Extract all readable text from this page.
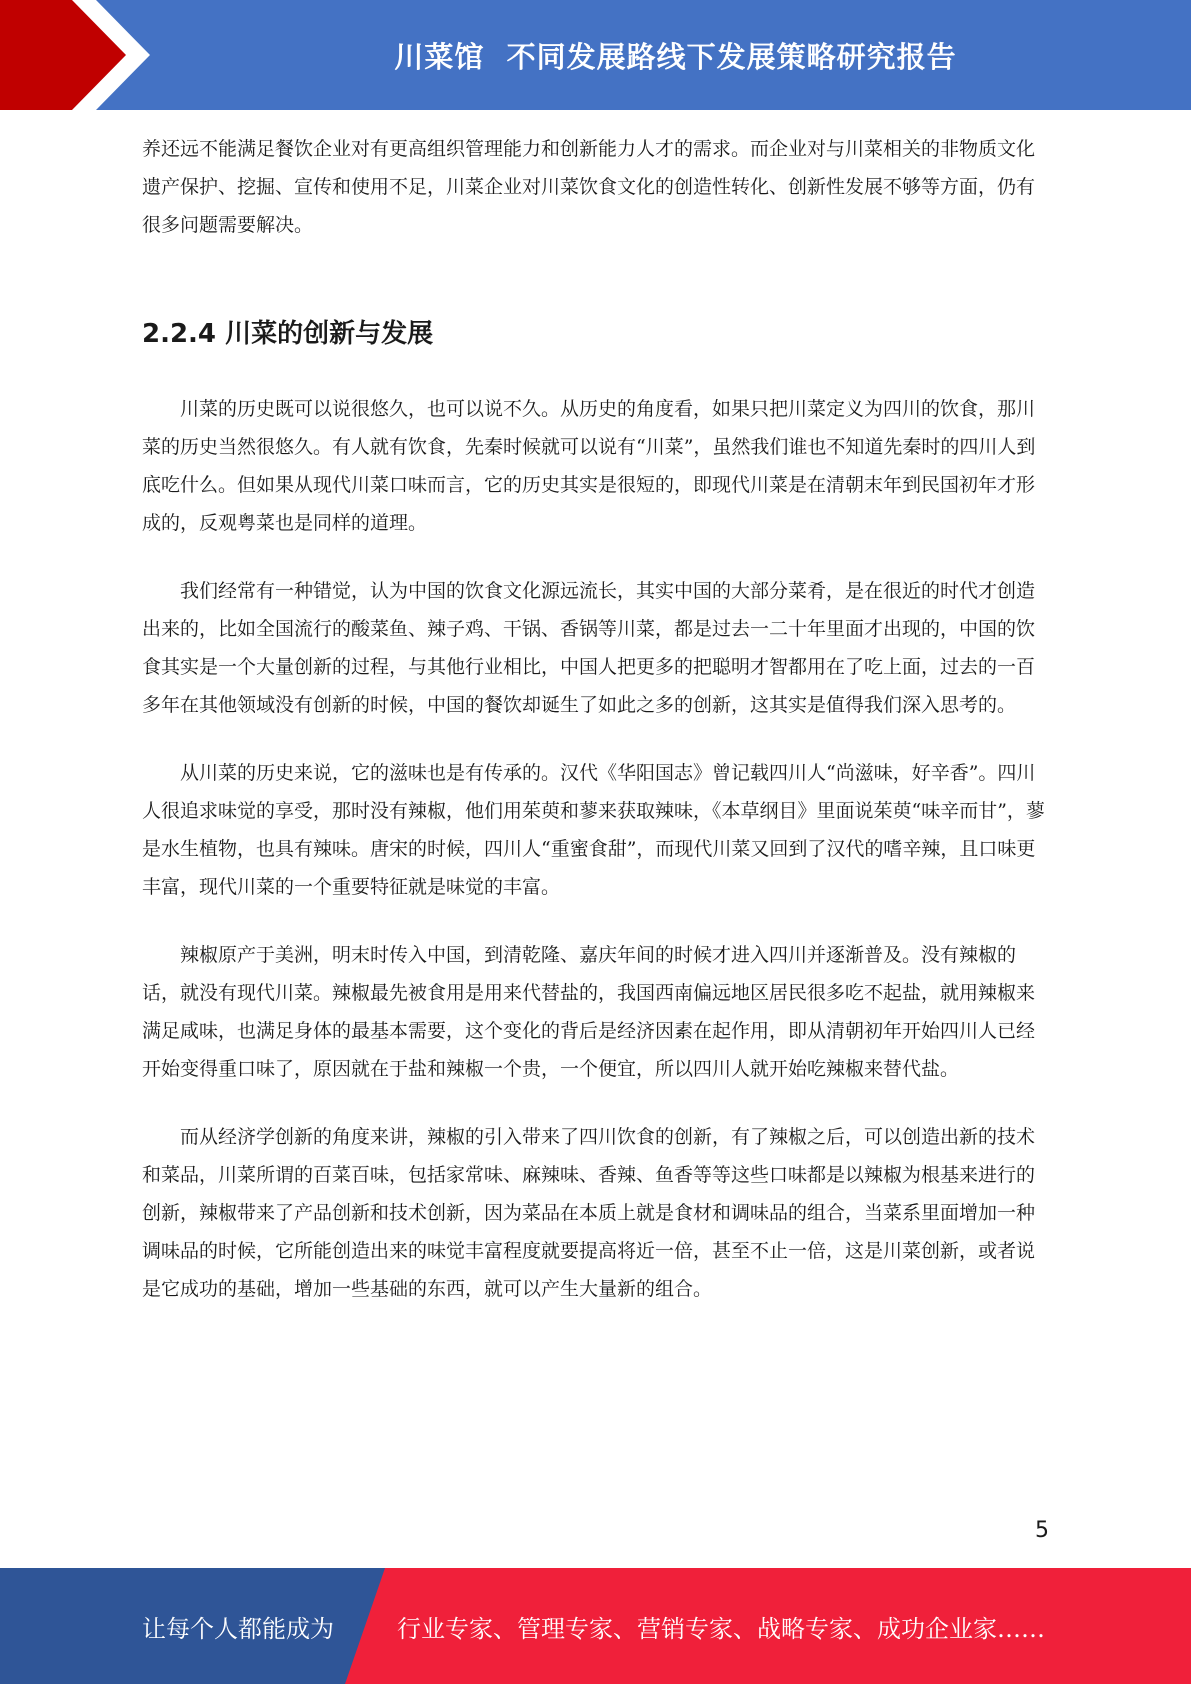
川菜馆  不同发展路线下发展策略研究报告

养还远不能满足餐饮企业对有更高组织管理能力和创新能力人才的需求。而企业对与川菜相关的非物质文化遗产保护、挖掘、宣传和使用不足，川菜企业对川菜饮食文化的创造性转化、创新性发展不够等方面，仍有很多问题需要解决。

2.2.4 川菜的创新与发展

川菜的历史既可以说很悠久，也可以说不久。从历史的角度看，如果只把川菜定义为四川的饮食，那川菜的历史当然很悠久。有人就有饮食，先秦时候就可以说有“川菜”，虽然我们谁也不知道先秦时的四川人到底吃什么。但如果从现代川菜口味而言，它的历史其实是很短的，即现代川菜是在清朝末年到民国初年才形成的，反观粤菜也是同样的道理。

我们经常有一种错觉，认为中国的饮食文化源远流长，其实中国的大部分菜肴，是在很近的时代才创造出来的，比如全国流行的酸菜鱼、辣子鸡、干锅、香锅等川菜，都是过去一二十年里面才出现的，中国的饮食其实是一个大量创新的过程，与其他行业相比，中国人把更多的把聪明才智都用在了吃上面，过去的一百多年在其他领域没有创新的时候，中国的餐饮却诞生了如此之多的创新，这其实是值得我们深入思考的。

从川菜的历史来说，它的滋味也是有传承的。汉代《华阳国志》曾记载四川人“尚滋味，好辛香”。四川人很追求味觉的享受，那时没有辣椒，他们用茱萸和蓼来获取辣味，《本草纲目》里面说茱萸“味辛而甘”，蓼是水生植物，也具有辣味。唐宋的时候，四川人“重蜜食甜”，而现代川菜又回到了汉代的嗜辛辣，且口味更丰富，现代川菜的一个重要特征就是味觉的丰富。

辣椒原产于美洲，明末时传入中国，到清乾隆、嘉庆年间的时候才进入四川并逐渐普及。没有辣椒的话，就没有现代川菜。辣椒最先被食用是用来代替盐的，我国西南偏远地区居民很多吃不起盐，就用辣椒来满足咸味，也满足身体的最基本需要，这个变化的背后是经济因素在起作用，即从清朝初年开始四川人已经开始变得重口味了，原因就在于盐和辣椒一个贵，一个便宜，所以四川人就开始吃辣椒来替代盐。

而从经济学创新的角度来讲，辣椒的引入带来了四川饮食的创新，有了辣椒之后，可以创造出新的技术和菜品，川菜所谓的百菜百味，包括家常味、麻辣味、香辣、鱼香等等这些口味都是以辣椒为根基来进行的创新，辣椒带来了产品创新和技术创新，因为菜品在本质上就是食材和调味品的组合，当菜系里面增加一种调味品的时候，它所能创造出来的味觉丰富程度就要提高将近一倍，甚至不止一倍，这是川菜创新，或者说是它成功的基础，增加一些基础的东西，就可以产生大量新的组合。

5
让每个人都能成为	行业专家、管理专家、营销专家、战略专家、成功企业家……
